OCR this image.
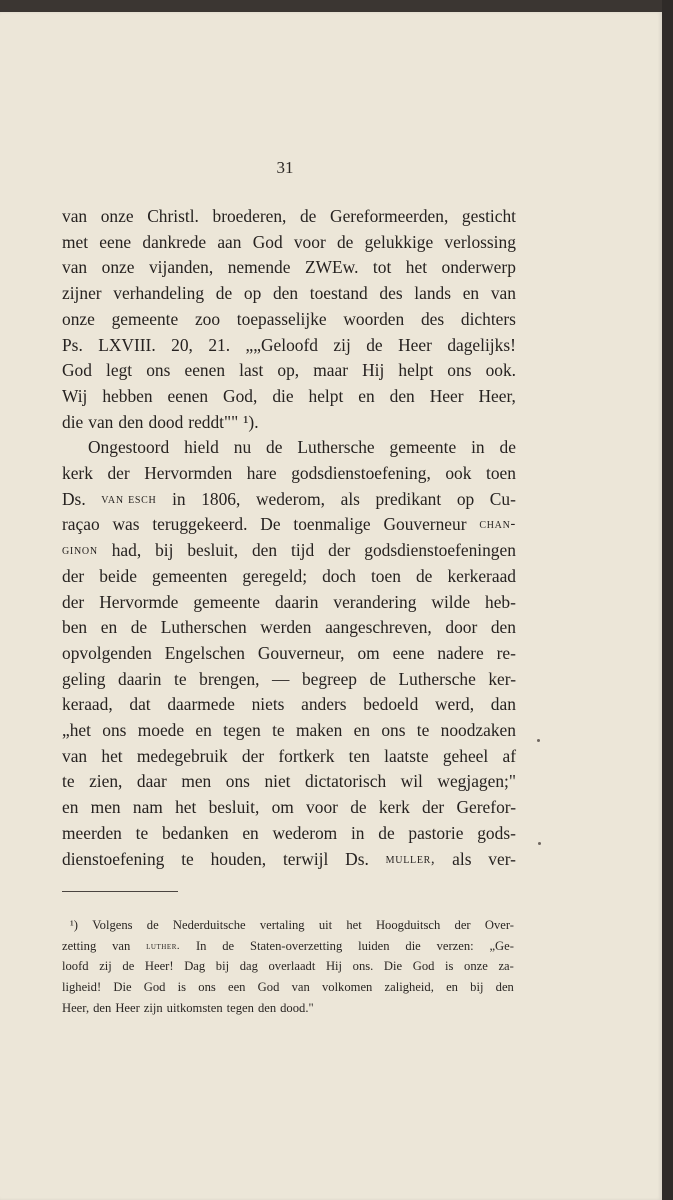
31
van onze Christl. broederen, de Gereformeerden, gesticht
met eene dankrede aan God voor de gelukkige verlossing
van onze vijanden, nemende ZWEw. tot het onderwerp
zijner verhandeling de op den toestand des lands en van
onze gemeente zoo toepasselijke woorden des dichters
Ps. LXVIII. 20, 21. „„Geloofd zij de Heer dagelijks!
God legt ons eenen last op, maar Hij helpt ons ook.
Wij hebben eenen God, die helpt en den Heer Heer,
die van den dood reddt"" ¹).
Ongestoord hield nu de Luthersche gemeente in de
kerk der Hervormden hare godsdienstoefening, ook toen
Ds. van esch in 1806, wederom, als predikant op Cu-
raçao was teruggekeerd. De toenmalige Gouverneur chan-
ginon had, bij besluit, den tijd der godsdienstoefeningen
der beide gemeenten geregeld; doch toen de kerkeraad
der Hervormde gemeente daarin verandering wilde heb-
ben en de Lutherschen werden aangeschreven, door den
opvolgenden Engelschen Gouverneur, om eene nadere re-
geling daarin te brengen, — begreep de Luthersche ker-
keraad, dat daarmede niets anders bedoeld werd, dan
„het ons moede en tegen te maken en ons te noodzaken
van het medegebruik der fortkerk ten laatste geheel af
te zien, daar men ons niet dictatorisch wil wegjagen;"
en men nam het besluit, om voor de kerk der Gerefor-
meerden te bedanken en wederom in de pastorie gods-
dienstoefening te houden, terwijl Ds. muller, als ver-
¹) Volgens de Nederduitsche vertaling uit het Hoogduitsch der Over-
zetting van luther. In de Staten-overzetting luiden die verzen: „Ge-
loofd zij de Heer! Dag bij dag overlaadt Hij ons. Die God is onze za-
ligheid! Die God is ons een God van volkomen zaligheid, en bij den
Heer, den Heer zijn uitkomsten tegen den dood."
